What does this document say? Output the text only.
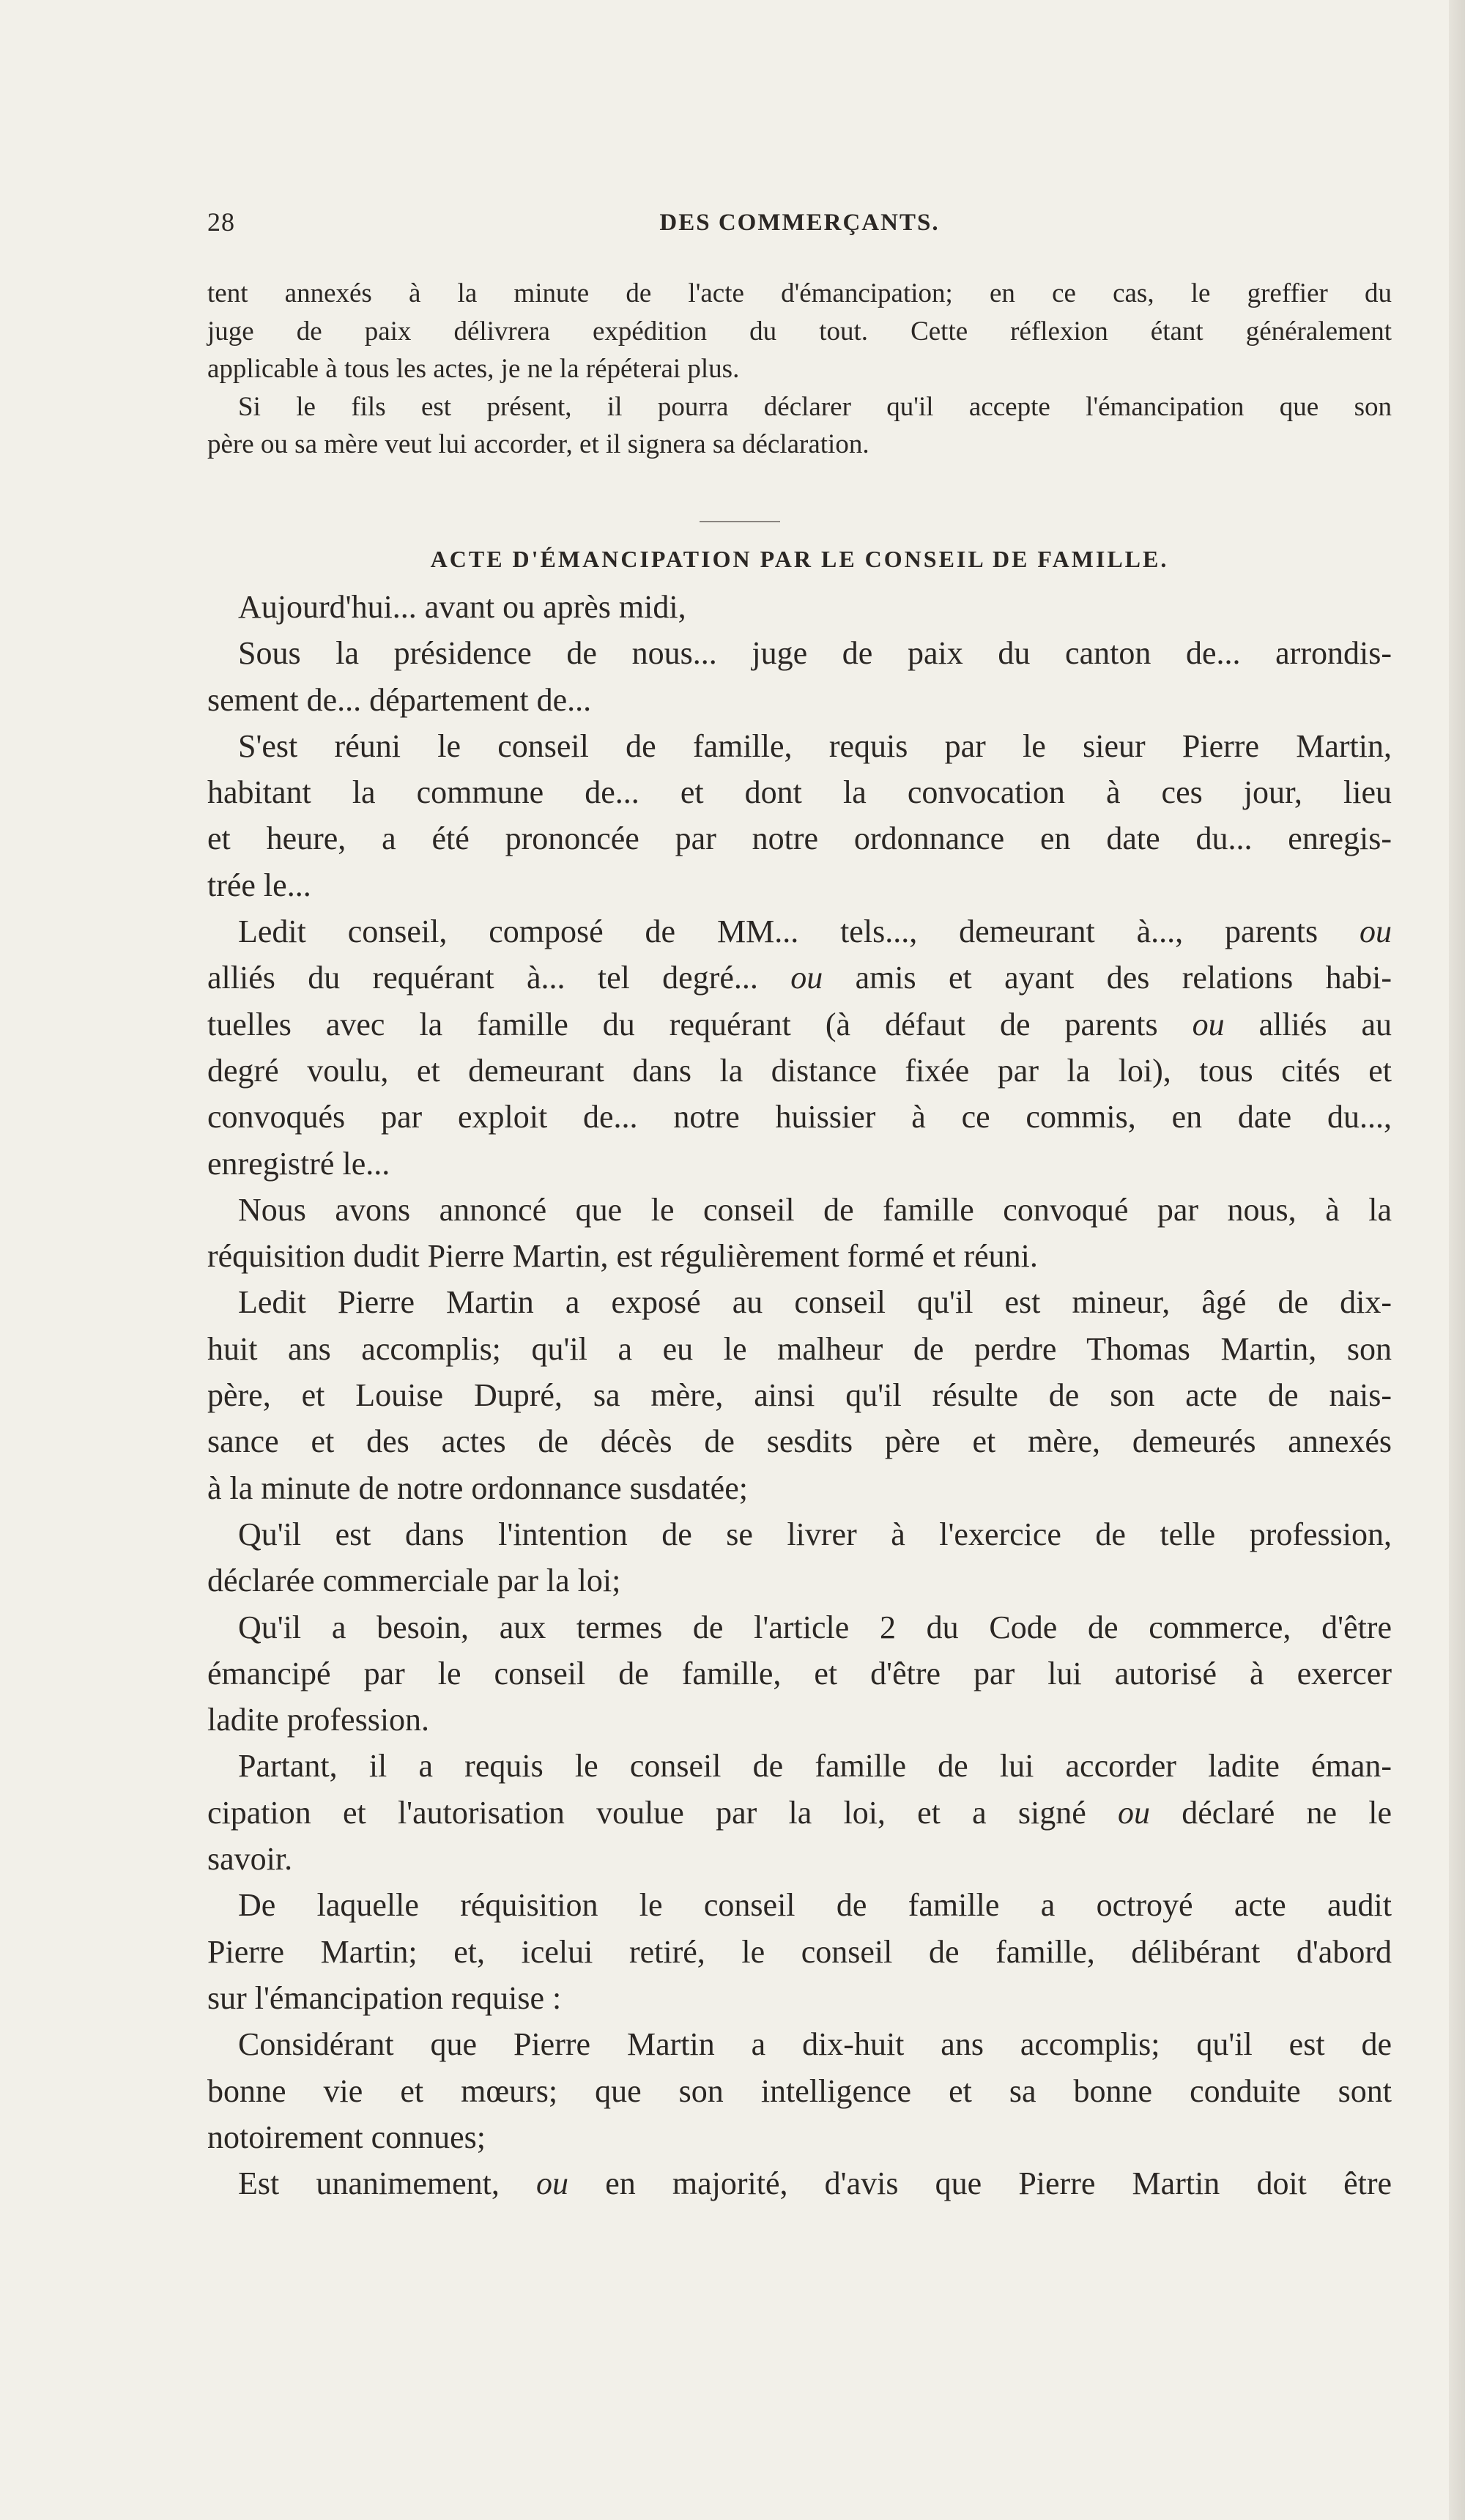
28	DES COMMERÇANTS.
tent annexés à la minute de l'acte d'émancipation; en ce cas, le greffier du
juge de paix délivrera expédition du tout. Cette réflexion étant généralement
applicable à tous les actes, je ne la répéterai plus.
Si le fils est présent, il pourra déclarer qu'il accepte l'émancipation que son
père ou sa mère veut lui accorder, et il signera sa déclaration.
ACTE D'ÉMANCIPATION PAR LE CONSEIL DE FAMILLE.
Aujourd'hui... avant ou après midi,
Sous la présidence de nous... juge de paix du canton de... arrondis-
sement de... département de...
S'est réuni le conseil de famille, requis par le sieur Pierre Martin,
habitant la commune de... et dont la convocation à ces jour, lieu
et heure, a été prononcée par notre ordonnance en date du... enregis-
trée le...
Ledit conseil, composé de MM... tels..., demeurant à..., parents ou
alliés du requérant à... tel degré... ou amis et ayant des relations habi-
tuelles avec la famille du requérant (à défaut de parents ou alliés au
degré voulu, et demeurant dans la distance fixée par la loi), tous cités et
convoqués par exploit de... notre huissier à ce commis, en date du...,
enregistré le...
Nous avons annoncé que le conseil de famille convoqué par nous, à la
réquisition dudit Pierre Martin, est régulièrement formé et réuni.
Ledit Pierre Martin a exposé au conseil qu'il est mineur, âgé de dix-
huit ans accomplis; qu'il a eu le malheur de perdre Thomas Martin, son
père, et Louise Dupré, sa mère, ainsi qu'il résulte de son acte de nais-
sance et des actes de décès de sesdits père et mère, demeurés annexés
à la minute de notre ordonnance susdatée;
Qu'il est dans l'intention de se livrer à l'exercice de telle profession,
déclarée commerciale par la loi;
Qu'il a besoin, aux termes de l'article 2 du Code de commerce, d'être
émancipé par le conseil de famille, et d'être par lui autorisé à exercer
ladite profession.
Partant, il a requis le conseil de famille de lui accorder ladite éman-
cipation et l'autorisation voulue par la loi, et a signé ou déclaré ne le
savoir.
De laquelle réquisition le conseil de famille a octroyé acte audit
Pierre Martin; et, icelui retiré, le conseil de famille, délibérant d'abord
sur l'émancipation requise :
Considérant que Pierre Martin a dix-huit ans accomplis; qu'il est de
bonne vie et mœurs; que son intelligence et sa bonne conduite sont
notoirement connues;
Est unanimement, ou en majorité, d'avis que Pierre Martin doit être
